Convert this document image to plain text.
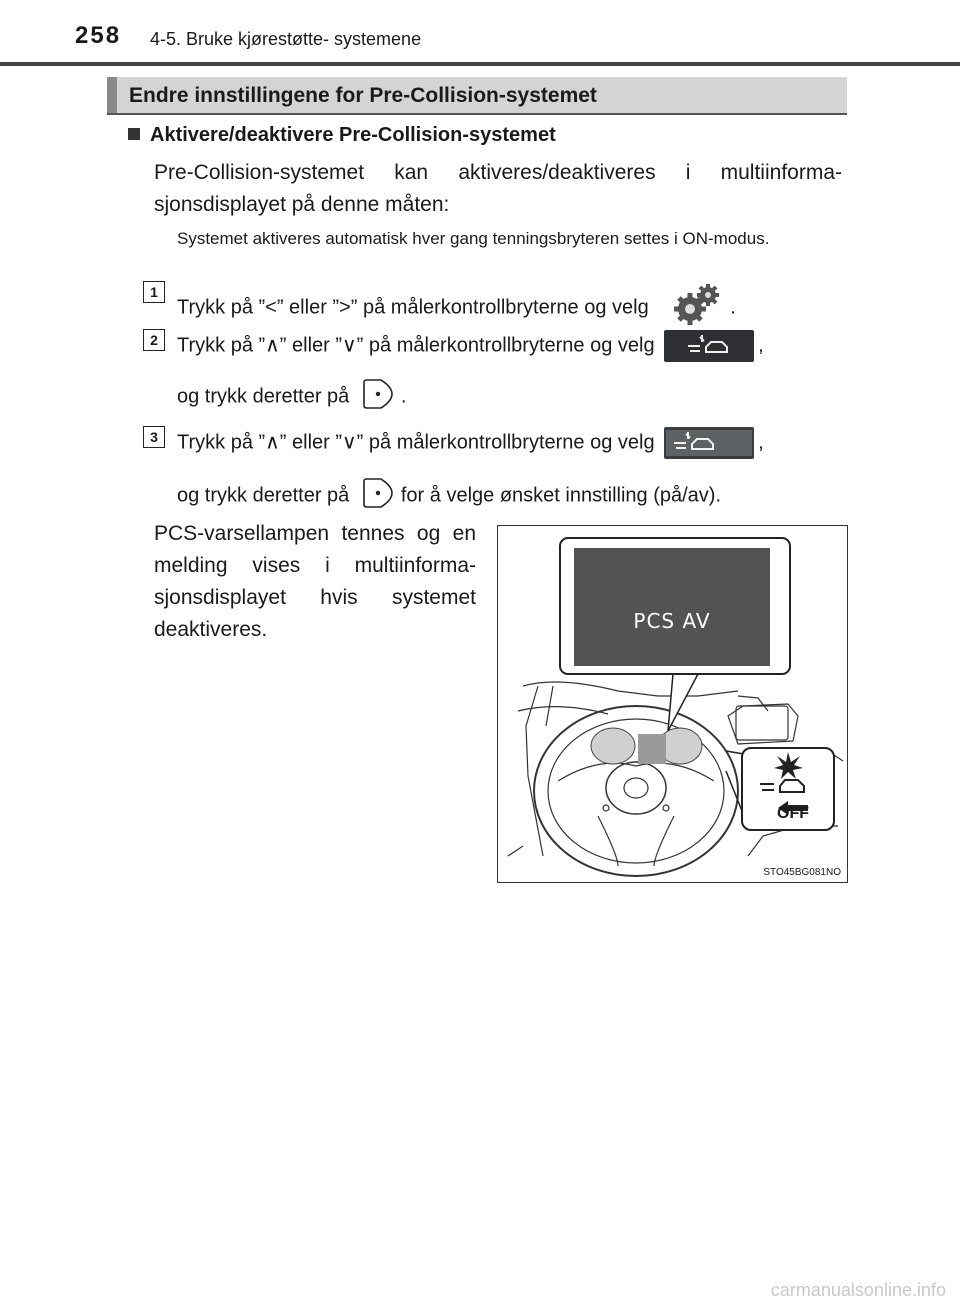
258 4-5. Bruke kjørestøtte- systemene
Endre innstillingene for Pre-Collision-systemet
Aktivere/deaktivere Pre-Collision-systemet
Pre-Collision-systemet kan aktiveres/deaktiveres i multiinforma-sjonsdisplayet på denne måten:
Systemet aktiveres automatisk hver gang tenningsbryteren settes i ON-modus.
1
Trykk på ”<” eller ”>” på målerkontrollbryterne og velg	.
2 Trykk på ”∧” eller ”∨” på målerkontrollbryterne og velg	,
og trykk deretter på	.
3 Trykk på ”∧” eller ”∨” på målerkontrollbryterne og velg	,
og trykk deretter på	for å velge ønsket innstilling (på/av).
PCS-varsellampen tennes og en melding vises i multiinforma-sjonsdisplayet hvis systemet deaktiveres.	PCS AV
OFF
STO45BG081NO
carmanualsonline.info
